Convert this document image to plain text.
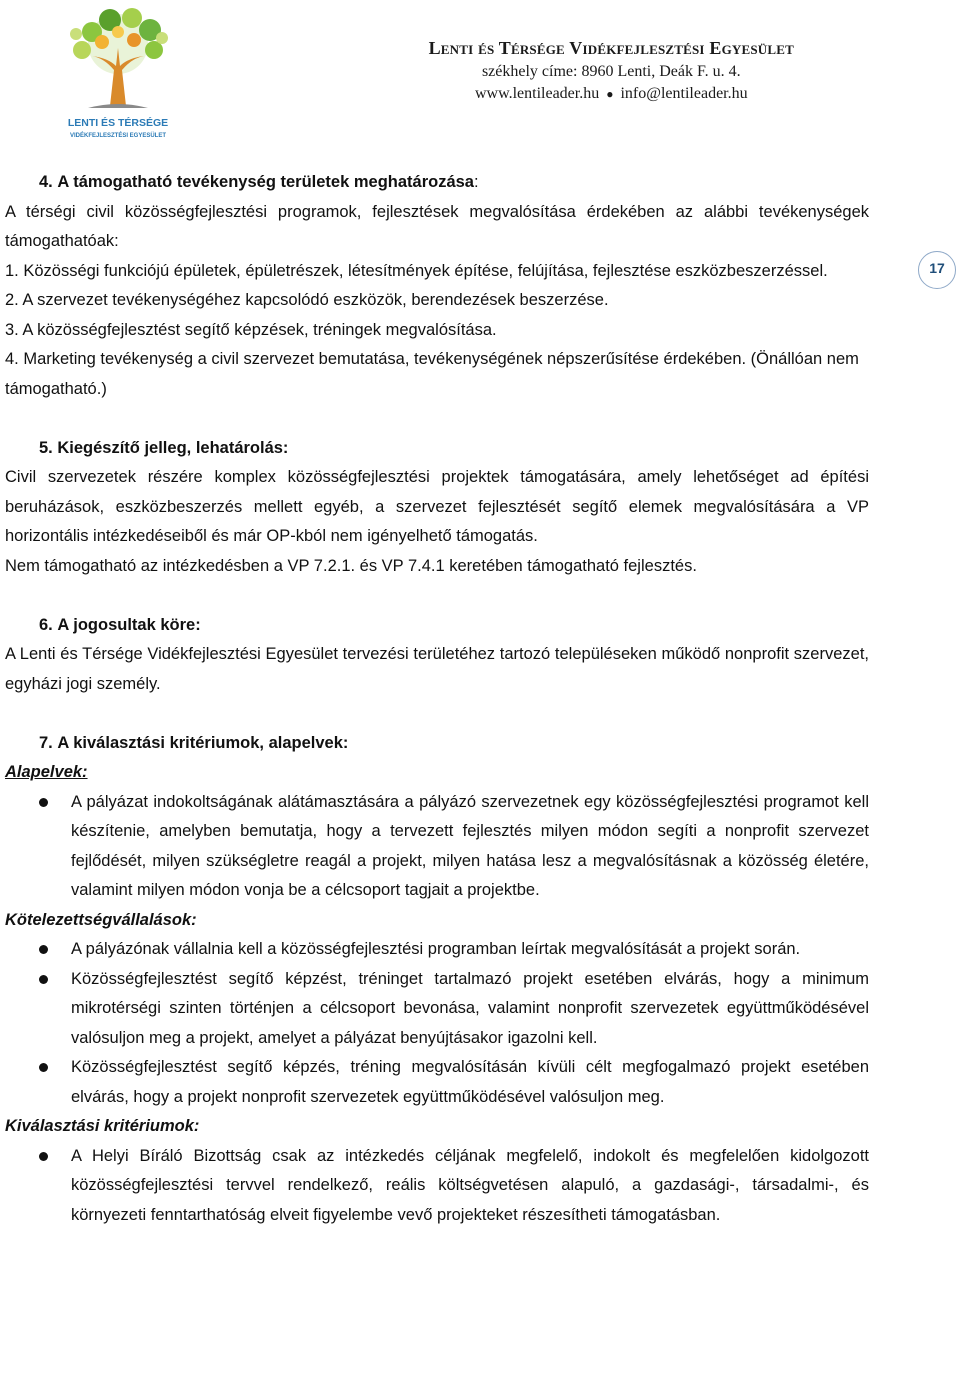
LENTI ÉS TÉRSÉGE
VIDÉKFEJLESZTÉSI EGYESÜLET
Lenti és Térsége Vidékfejlesztési Egyesület
székhely címe: 8960 Lenti, Deák F. u. 4.
www.lentileader.hu ● info@lentileader.hu
17

4. A támogatható tevékenység területek meghatározása:

A térségi civil közösségfejlesztési programok, fejlesztések megvalósítása érdekében az alábbi tevékenységek támogathatóak:

1. Közösségi funkciójú épületek, épületrészek, létesítmények építése, felújítása, fejlesztése eszközbeszerzéssel.

2. A szervezet tevékenységéhez kapcsolódó eszközök, berendezések beszerzése.

3. A közösségfejlesztést segítő képzések, tréningek megvalósítása.

4. Marketing tevékenység a civil szervezet bemutatása, tevékenységének népszerűsítése érdekében. (Önállóan nem támogatható.)

5. Kiegészítő jelleg, lehatárolás:

Civil szervezetek részére komplex közösségfejlesztési projektek támogatására, amely lehetőséget ad építési beruházások, eszközbeszerzés mellett egyéb, a szervezet fejlesztését segítő elemek megvalósítására a VP horizontális intézkedéseiből és már OP-kból nem igényelhető támogatás.

Nem támogatható az intézkedésben a VP 7.2.1. és VP 7.4.1 keretében támogatható fejlesztés.

6. A jogosultak köre:

A Lenti és Térsége Vidékfejlesztési Egyesület tervezési területéhez tartozó településeken működő nonprofit szervezet, egyházi jogi személy.

7. A kiválasztási kritériumok, alapelvek:

Alapelvek:

A pályázat indokoltságának alátámasztására a pályázó szervezetnek egy közösségfejlesztési programot kell készítenie, amelyben bemutatja, hogy a tervezett fejlesztés milyen módon segíti a nonprofit szervezet fejlődését, milyen szükségletre reagál a projekt, milyen hatása lesz a megvalósításnak a közösség életére, valamint milyen módon vonja be a célcsoport tagjait a projektbe.

Kötelezettségvállalások:

A pályázónak vállalnia kell a közösségfejlesztési programban leírtak megvalósítását a projekt során.
Közösségfejlesztést segítő képzést, tréninget tartalmazó projekt esetében elvárás, hogy a minimum mikrotérségi szinten történjen a célcsoport bevonása, valamint nonprofit szervezetek együttműködésével valósuljon meg a projekt, amelyet a pályázat benyújtásakor igazolni kell.
Közösségfejlesztést segítő képzés, tréning megvalósításán kívüli célt megfogalmazó projekt esetében elvárás, hogy a projekt nonprofit szervezetek együttműködésével valósuljon meg.

Kiválasztási kritériumok:

A Helyi Bíráló Bizottság csak az intézkedés céljának megfelelő, indokolt és megfelelően kidolgozott közösségfejlesztési tervvel rendelkező, reális költségvetésen alapuló, a gazdasági-, társadalmi-, és környezeti fenntarthatóság elveit figyelembe vevő projekteket részesítheti támogatásban.
